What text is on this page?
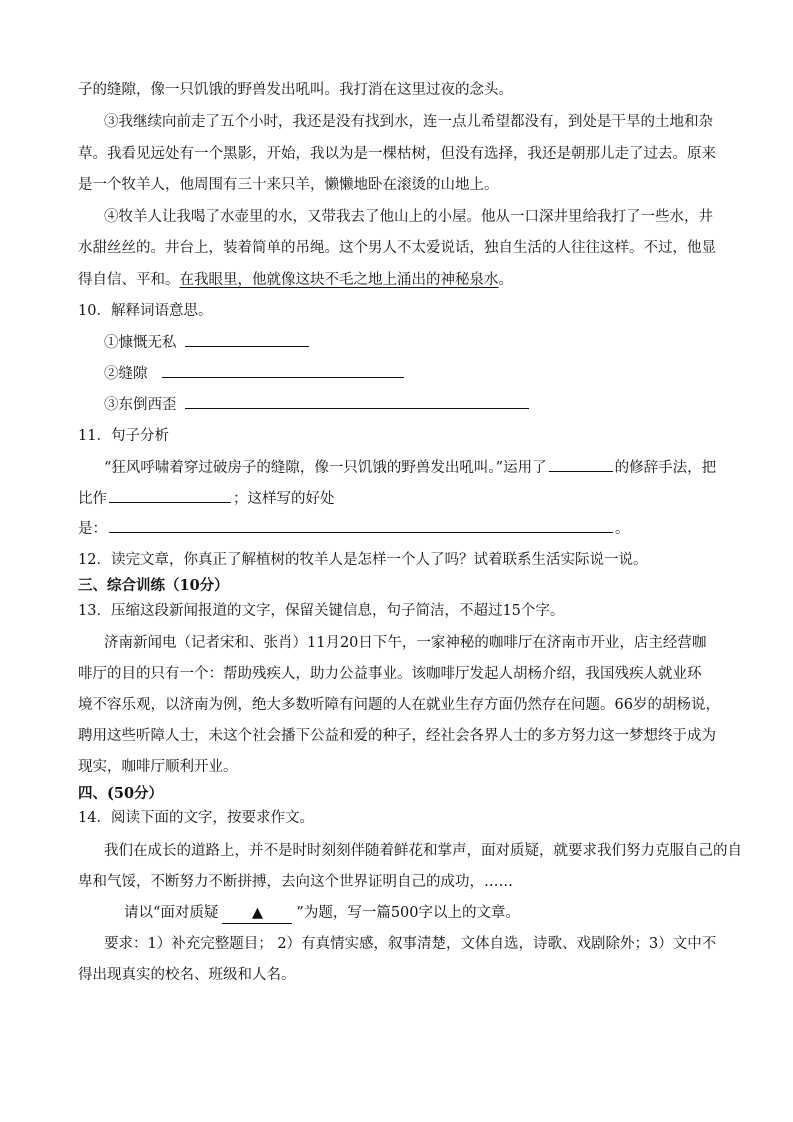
子的缝隙，像一只饥饿的野兽发出吼叫。我打消在这里过夜的念头。
③我继续向前走了五个小时，我还是没有找到水，连一点儿希望都没有，到处是干旱的土地和杂
草。我看见远处有一个黑影，开始，我以为是一棵枯树，但没有选择，我还是朝那儿走了过去。原来
是一个牧羊人，他周围有三十来只羊，懒懒地卧在滚烫的山地上。
④牧羊人让我喝了水壶里的水，又带我去了他山上的小屋。他从一口深井里给我打了一些水，井
水甜丝丝的。井台上，装着简单的吊绳。这个男人不太爱说话，独自生活的人往往这样。不过，他显
得自信、平和。在我眼里，他就像这块不毛之地上涌出的神秘泉水。
10．解释词语意思。
①慷慨无私
②缝隙
③东倒西歪
11．句子分析
“狂风呼啸着穿过破房子的缝隙，像一只饥饿的野兽发出吼叫。”运用了	的修辞手法，把
比作	；这样写的好处
是：	。
12．读完文章，你真正了解植树的牧羊人是怎样一个人了吗？试着联系生活实际说一说。
三、综合训练（10分）
13．压缩这段新闻报道的文字，保留关键信息，句子简洁，不超过15个字。
济南新闻电（记者宋和、张肖）11月20日下午，一家神秘的咖啡厅在济南市开业，店主经营咖
啡厅的目的只有一个：帮助残疾人，助力公益事业。该咖啡厅发起人胡杨介绍，我国残疾人就业环
境不容乐观，以济南为例，绝大多数听障有问题的人在就业生存方面仍然存在问题。66岁的胡杨说，
聘用这些听障人士，未这个社会播下公益和爱的种子，经社会各界人士的多方努力这一梦想终于成为
现实，咖啡厅顺利开业。
四、(50分）
14．阅读下面的文字，按要求作文。
我们在成长的道路上，并不是时时刻刻伴随着鲜花和掌声，面对质疑，就要求我们努力克服自己的自
卑和气馁，不断努力不断拼搏，去向这个世界证明自己的成功，……
请以“面对质疑 ▲ ”为题，写一篇500字以上的文章。
要求：1）补充完整题目； 2）有真情实感，叙事清楚，文体自选，诗歌、戏剧除外；3）文中不
得出现真实的校名、班级和人名。
